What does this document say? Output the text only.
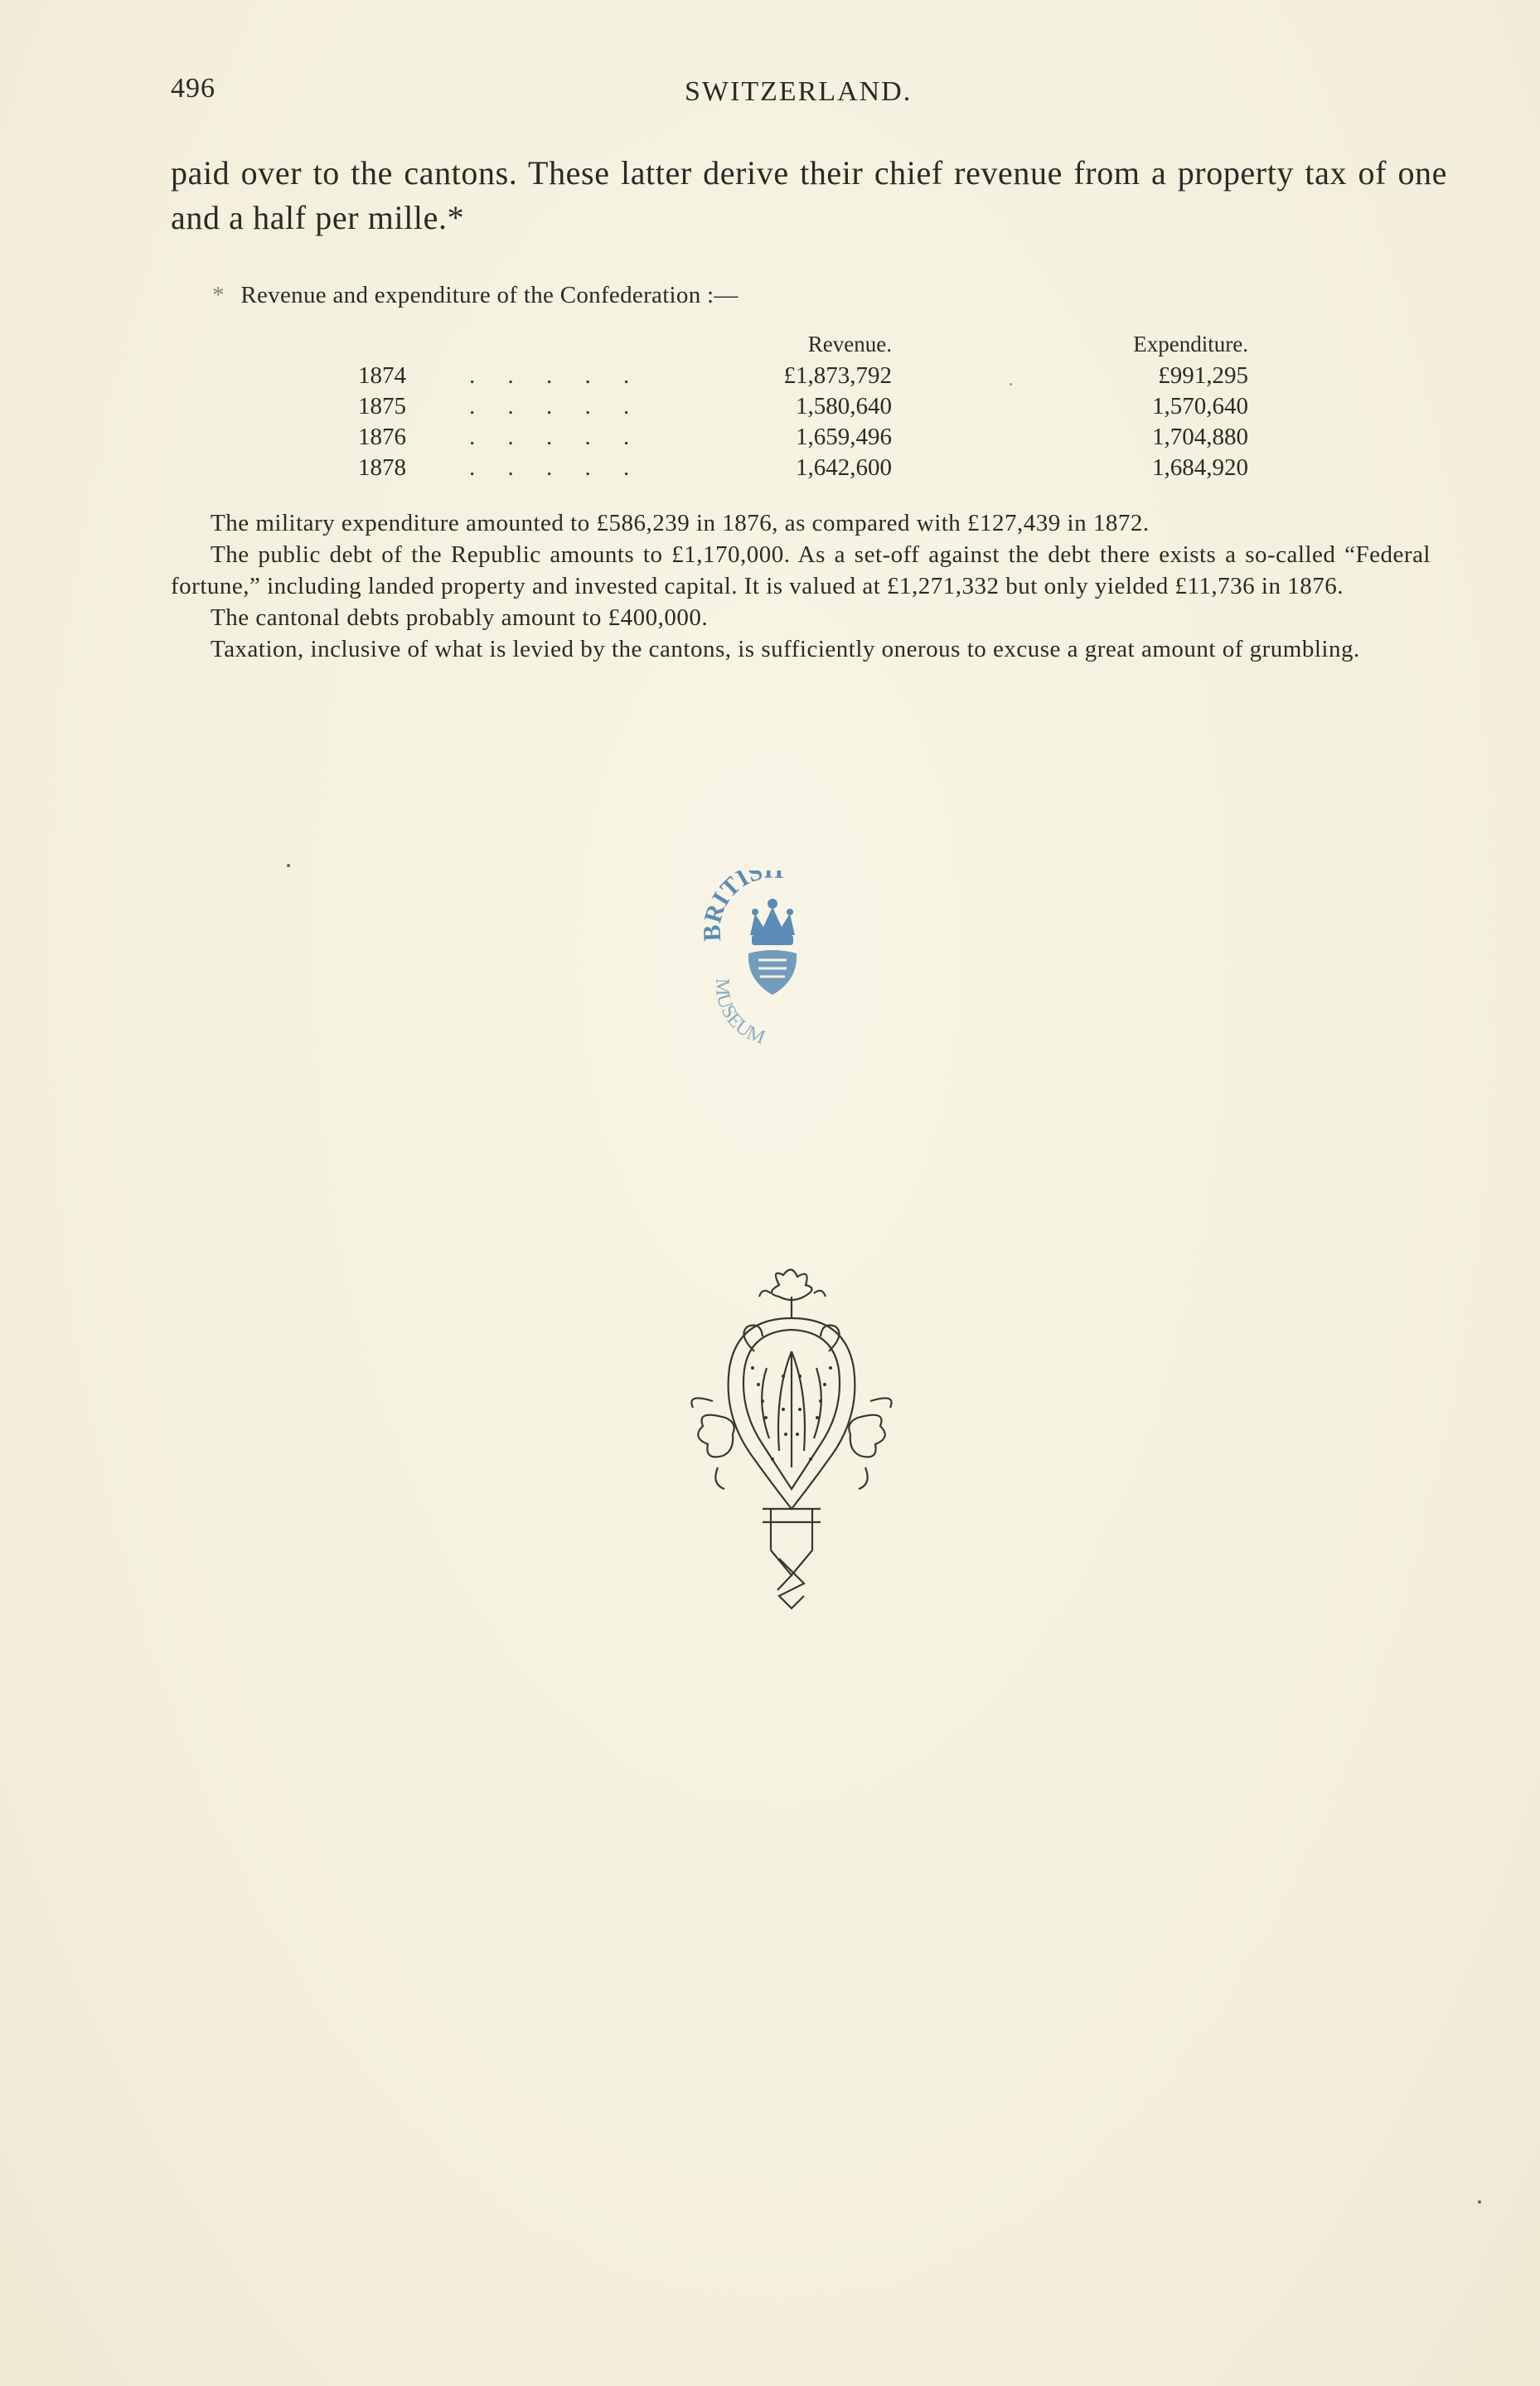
496	SWITZERLAND.

paid over to the cantons. These latter derive their chief revenue from a property tax of one and a half per mille.*

* Revenue and expenditure of the Confederation :—
Revenue.	Expenditure.
1874	. . . . .	£1,873,792	£991,295
1875	. . . . .	1,580,640	1,570,640
1876	. . . . .	1,659,496	1,704,880
1878	. . . . .	1,642,600	1,684,920

The military expenditure amounted to £586,239 in 1876, as compared with £127,439 in 1872.

The public debt of the Republic amounts to £1,170,000. As a set-off against the debt there exists a so-called “Federal fortune,” including landed property and invested capital. It is valued at £1,271,332 but only yielded £11,736 in 1876.

The cantonal debts probably amount to £400,000.

Taxation, inclusive of what is levied by the cantons, is sufficiently onerous to excuse a great amount of grumbling.

BRITIS
MUSEUM
